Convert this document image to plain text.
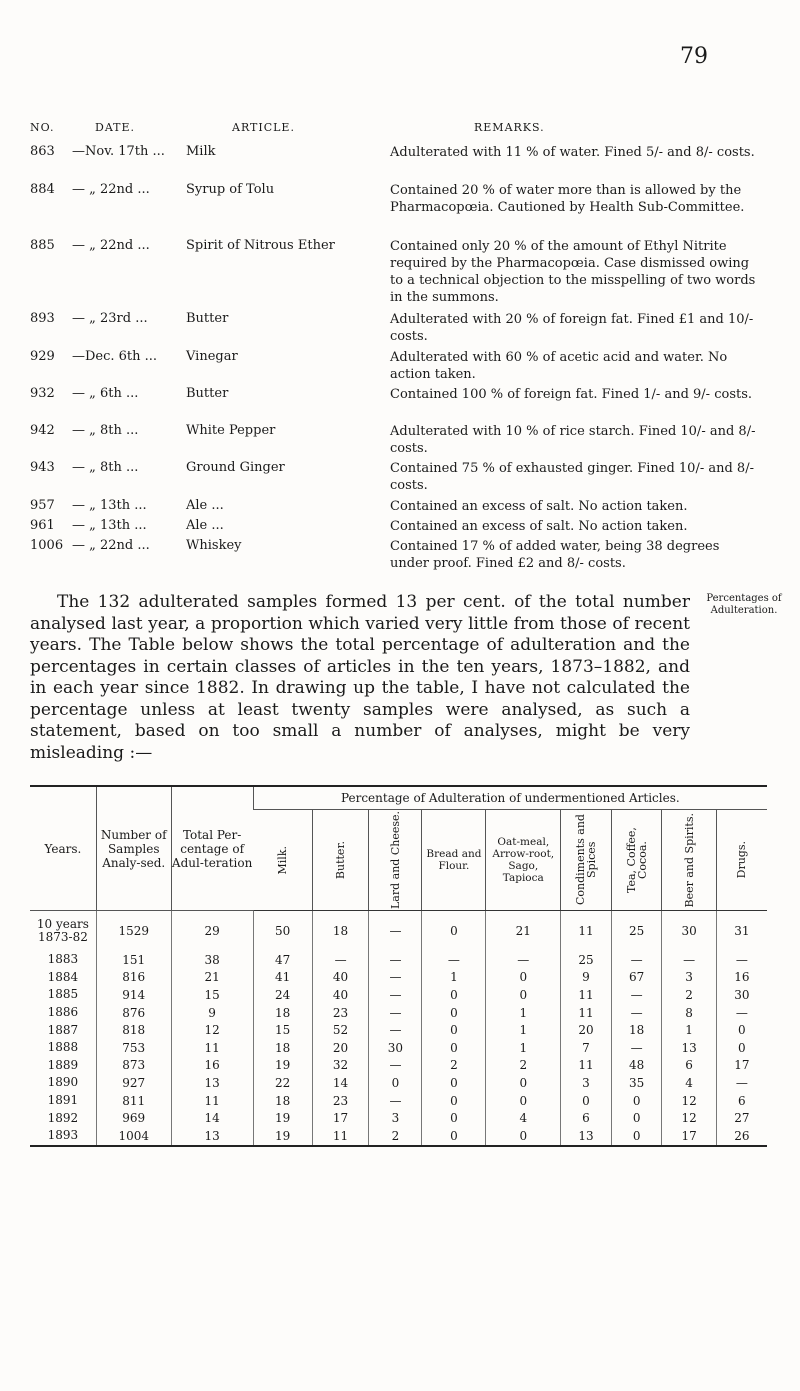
79
NO.	DATE.	ARTICLE.	REMARKS.
863	—Nov. 17th ... Milk	Adulterated with 11 % of water. Fined 5/- and 8/- costs.
884	— „ 22nd ...	Syrup of Tolu	Contained 20 % of water more than is allowed by the Pharmacopœia. Cautioned by Health Sub-Committee.
885	— „ 22nd ...	Spirit of Nitrous Ether	Contained only 20 % of the amount of Ethyl Nitrite required by the Pharmacopœia. Case dismissed owing to a technical objection to the misspelling of two words in the summons.
893	— „ 23rd ...	Butter	Adulterated with 20 % of foreign fat. Fined £1 and 10/- costs.
929	—Dec. 6th ...	Vinegar	Adulterated with 60 % of acetic acid and water. No action taken.
932	— „ 6th ...	Butter	Contained 100 % of foreign fat. Fined 1/- and 9/- costs.
942	— „ 8th ...	White Pepper	Adulterated with 10 % of rice starch. Fined 10/- and 8/- costs.
943	— „ 8th ...	Ground Ginger	Contained 75 % of exhausted ginger. Fined 10/- and 8/- costs.
957	— „ 13th ...	Ale ...	Contained an excess of salt. No action taken.
961	— „ 13th ...	Ale ...	Contained an excess of salt. No action taken.
1006 — „ 22nd ...	Whiskey	Contained 17 % of added water, being 38 degrees under proof. Fined £2 and 8/- costs.
The 132 adulterated samples formed 13 per cent. of the total number analysed last year, a proportion which varied very little from those of recent years. The Table below shows the total percentage of adulteration and the percentages in certain classes of articles in the ten years, 1873–1882, and in each year since 1882. In drawing up the table, I have not calculated the percentage unless at least twenty samples were analysed, as such a statement, based on too small a number of analyses, might be very misleading :—
Percentages of Adulteration.
Years.	Number of Samples Analy-sed.	Total Per-centage of Adul-teration	Percentage of Adulteration of undermentioned Articles.								

			Milk.	Butter.	Lard and Cheese.	Bread and Flour.	Oat-meal, Arrow-root, Sago, Tapioca	Condiments and Spices	Tea, Coffee, Cocoa.	Beer and Spirits.	Drugs.

10 years 1873-82	1529	29	50	18	—	0	21	11	25	30	31
1883	151	38	47	—	—	—	—	25	—	—	—
1884	816	21	41	40	—	1	0	9	67	3	16
1885	914	15	24	40	—	0	0	11	—	2	30
1886	876	9	18	23	—	0	1	11	—	8	—
1887	818	12	15	52	—	0	1	20	18	1	0
1888	753	11	18	20	30	0	1	7	—	13	0
1889	873	16	19	32	—	2	2	11	48	6	17
1890	927	13	22	14	0	0	0	3	35	4	—
1891	811	11	18	23	—	0	0	0	0	12	6
1892	969	14	19	17	3	0	4	6	0	12	27
1893	1004	13	19	11	2	0	0	13	0	17	26
